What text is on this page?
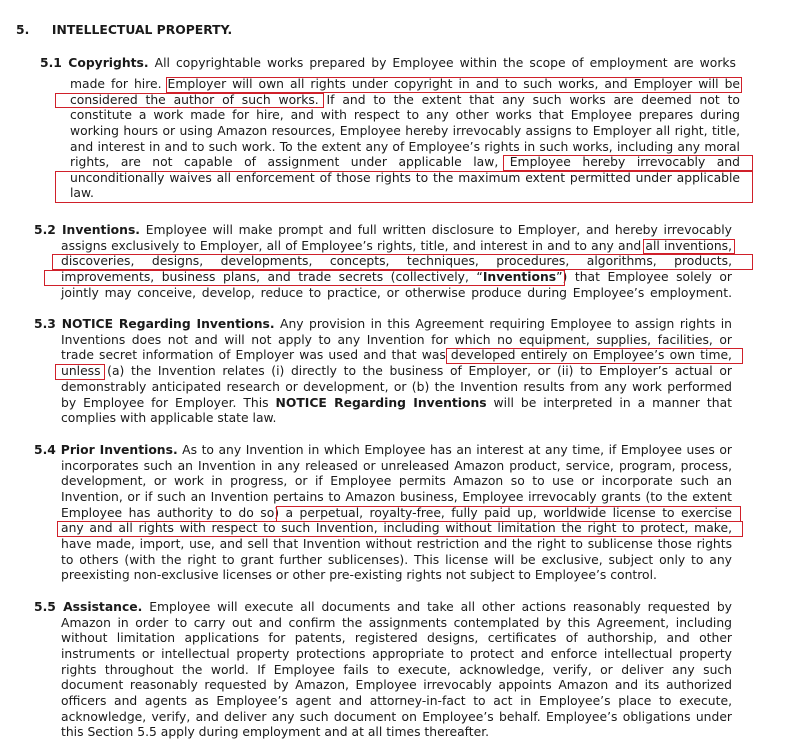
5. INTELLECTUAL PROPERTY.
5.1 Copyrights. All copyrightable works prepared by Employee within the scope of employment are works
made for hire. Employer will own all rights under copyright in and to such works, and Employer will be
considered the author of such works. If and to the extent that any such works are deemed not to
constitute a work made for hire, and with respect to any other works that Employee prepares during
working hours or using Amazon resources, Employee hereby irrevocably assigns to Employer all right, title,
and interest in and to such work. To the extent any of Employee’s rights in such works, including any moral
rights, are not capable of assignment under applicable law, Employee hereby irrevocably and
unconditionally waives all enforcement of those rights to the maximum extent permitted under applicable
law.
5.2 Inventions. Employee will make prompt and full written disclosure to Employer, and hereby irrevocably
assigns exclusively to Employer, all of Employee’s rights, title, and interest in and to any and all inventions,
discoveries, designs, developments, concepts, techniques, procedures, algorithms, products,
improvements, business plans, and trade secrets (collectively, “Inventions”) that Employee solely or
jointly may conceive, develop, reduce to practice, or otherwise produce during Employee’s employment.
5.3 NOTICE Regarding Inventions. Any provision in this Agreement requiring Employee to assign rights in
Inventions does not and will not apply to any Invention for which no equipment, supplies, facilities, or
trade secret information of Employer was used and that was developed entirely on Employee’s own time,
unless (a) the Invention relates (i) directly to the business of Employer, or (ii) to Employer’s actual or
demonstrably anticipated research or development, or (b) the Invention results from any work performed
by Employee for Employer. This NOTICE Regarding Inventions will be interpreted in a manner that
complies with applicable state law.
5.4 Prior Inventions. As to any Invention in which Employee has an interest at any time, if Employee uses or
incorporates such an Invention in any released or unreleased Amazon product, service, program, process,
development, or work in progress, or if Employee permits Amazon so to use or incorporate such an
Invention, or if such an Invention pertains to Amazon business, Employee irrevocably grants (to the extent
Employee has authority to do so) a perpetual, royalty-free, fully paid up, worldwide license to exercise
any and all rights with respect to such Invention, including without limitation the right to protect, make,
have made, import, use, and sell that Invention without restriction and the right to sublicense those rights
to others (with the right to grant further sublicenses). This license will be exclusive, subject only to any
preexisting non-exclusive licenses or other pre-existing rights not subject to Employee’s control.
5.5 Assistance. Employee will execute all documents and take all other actions reasonably requested by
Amazon in order to carry out and confirm the assignments contemplated by this Agreement, including
without limitation applications for patents, registered designs, certificates of authorship, and other
instruments or intellectual property protections appropriate to protect and enforce intellectual property
rights throughout the world. If Employee fails to execute, acknowledge, verify, or deliver any such
document reasonably requested by Amazon, Employee irrevocably appoints Amazon and its authorized
officers and agents as Employee’s agent and attorney-in-fact to act in Employee’s place to execute,
acknowledge, verify, and deliver any such document on Employee’s behalf. Employee’s obligations under
this Section 5.5 apply during employment and at all times thereafter.
